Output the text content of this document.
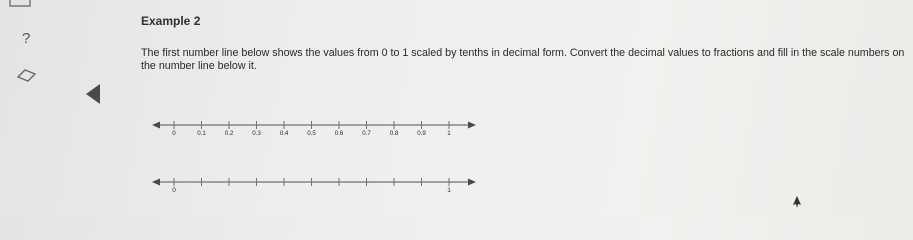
?
Example 2
The first number line below shows the values from 0 to 1 scaled by tenths in decimal form. Convert the decimal values to fractions and fill in the scale numbers on the number line below it.
0	0.1	0.2	0.3	0.4	0.5	0.6	0.7	0.8	0.9	1
0	1
